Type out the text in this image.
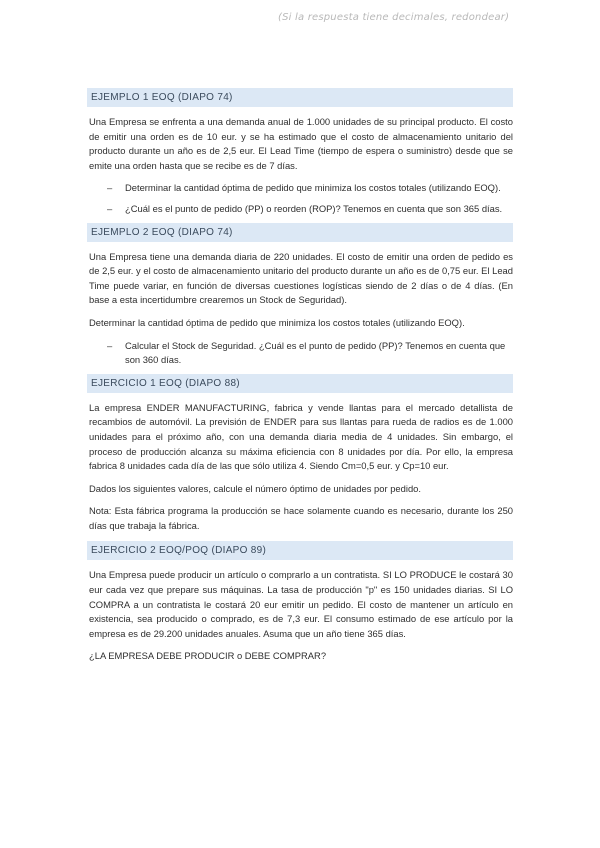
(Si la respuesta tiene decimales, redondear)
EJEMPLO 1 EOQ (DIAPO 74)

Una Empresa se enfrenta a una demanda anual de 1.000 unidades de su principal producto. El costo de emitir una orden es de 10 eur. y se ha estimado que el costo de almacenamiento unitario del producto durante un año es de 2,5 eur. El Lead Time (tiempo de espera o suministro) desde que se emite una orden hasta que se recibe es de 7 días.

– Determinar la cantidad óptima de pedido que minimiza los costos totales (utilizando EOQ).
– ¿Cuál es el punto de pedido (PP) o reorden (ROP)? Tenemos en cuenta que son 365 días.
EJEMPLO 2 EOQ (DIAPO 74)

Una Empresa tiene una demanda diaria de 220 unidades. El costo de emitir una orden de pedido es de 2,5 eur. y el costo de almacenamiento unitario del producto durante un año es de 0,75 eur. El Lead Time puede variar, en función de diversas cuestiones logísticas siendo de 2 días o de 4 días. (En base a esta incertidumbre crearemos un Stock de Seguridad).

Determinar la cantidad óptima de pedido que minimiza los costos totales (utilizando EOQ).

– Calcular el Stock de Seguridad. ¿Cuál es el punto de pedido (PP)? Tenemos en cuenta que son 360 días.
EJERCICIO 1 EOQ (DIAPO 88)

La empresa ENDER MANUFACTURING, fabrica y vende llantas para el mercado detallista de recambios de automóvil. La previsión de ENDER para sus llantas para rueda de radios es de 1.000 unidades para el próximo año, con una demanda diaria media de 4 unidades. Sin embargo, el proceso de producción alcanza su máxima eficiencia con 8 unidades por día. Por ello, la empresa fabrica 8 unidades cada día de las que sólo utiliza 4. Siendo Cm=0,5 eur. y Cp=10 eur.

Dados los siguientes valores, calcule el número óptimo de unidades por pedido.

Nota: Esta fábrica programa la producción se hace solamente cuando es necesario, durante los 250 días que trabaja la fábrica.

EJERCICIO 2 EOQ/POQ (DIAPO 89)

Una Empresa puede producir un artículo o comprarlo a un contratista. SI LO PRODUCE le costará 30 eur cada vez que prepare sus máquinas. La tasa de producción "p" es 150 unidades diarias. SI LO COMPRA a un contratista le costará 20 eur emitir un pedido. El costo de mantener un artículo en existencia, sea producido o comprado, es de 7,3 eur. El consumo estimado de ese artículo por la empresa es de 29.200 unidades anuales. Asuma que un año tiene 365 días.

¿LA EMPRESA DEBE PRODUCIR o DEBE COMPRAR?
